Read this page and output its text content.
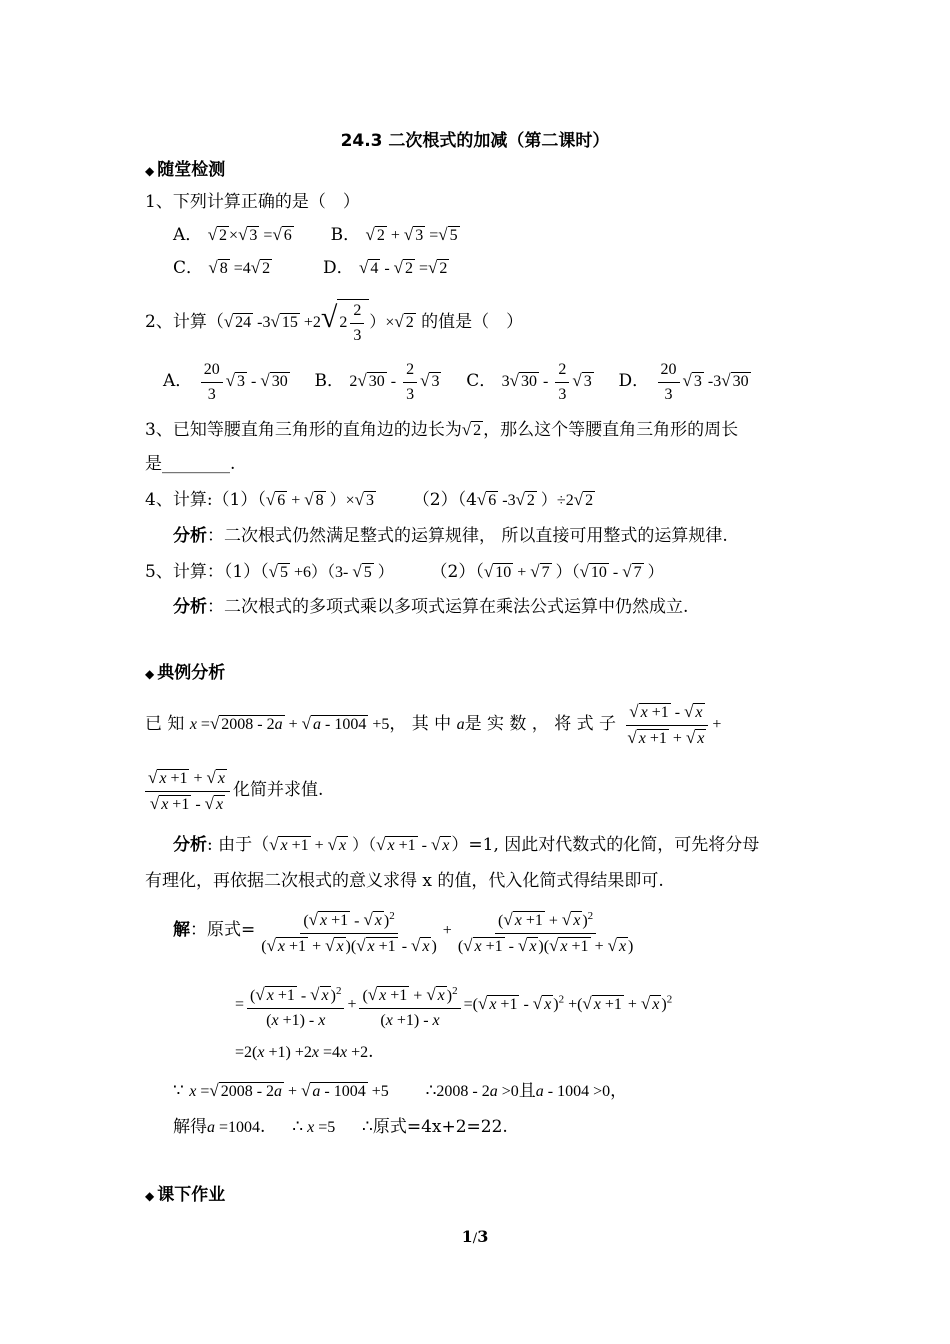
24.3 二次根式的加减（第二课时）
◆ 随堂检测
1、下列计算正确的是（　）
A． √ 2 ×√ 3 =√ 6 B． √ 2 + √ 3 =√ 5
C． √ 8 =4√ 2	D． √ 4 - √ 2 =√ 2
2、计算（√ 24 -3√ 15 +2√ $2 \frac{2}{3}$ ）×√ 2 的值是（　）
A． $\frac{20}{3}$ √ 3 - √ 30 B． 2√ $30 - \frac{2}{3}$ √ 3 C． 3√ $30 - \frac{2}{3}$ √ 3 D． $\frac{20}{3}$ √ 3 -3√ 30
3、已知等腰直角三角形的直角边的边长为√ 2 ，那么这个等腰直角三角形的周长
是________.
4、计算:（1）（√ 6 + √ 8 ）×√ 3 （2）（4√ 6 -3√ 2 ）÷2√ 2
分析：二次根式仍然满足整式的运算规律， 所以直接可用整式的运算规律.
5、计算：（1）（√ 5 +6）（3- √ 5 ） （2）（√ 10 + √ 7 ）（√ 10 - √ 7 ）
分析：二次根式的多项式乘以多项式运算在乘法公式运算中仍然成立.
◆ 典例分析
已 知 x =√ 2008 - 2a + √ a - 1004 +5， 其 中 a是 实 数 ， 将 式 子 $\frac{√ x +1 - √ x}{√ x +1 + √ x}$ +
$\frac{√ x +1 + √ x}{√ x +1 - √ x}$ 化简并求值.
分析: 由于（√ x +1 + √ x ）（√ x +1 - √ x ）=1, 因此对代数式的化简，可先将分母
有理化，再依据二次根式的意义求得 x 的值，代入化简式得结果即可.
解：原式= $\frac{(√ x +1 - √ x )^2}{(√ x +1 + √ x )(√ x +1 - √ x )} + \frac{(√ x +1 + √ x )^2}{(√ x +1 - √ x )(√ x +1 + √ x )}$
= $\frac{(√ x +1 - √ x )^2}{(x +1) - x} + \frac{(√ x +1 + √ x )^2}{(x +1) - x}$ =(√ x +1 - √ x )$^2$ +(√ x +1 + √ x )$^2$
=2(x +1) +2x =4x +2.
∵ x =√ 2008 - 2a + √ a - 1004 +5 ∴2008 - 2a >0且a - 1004 >0，
解得a =1004.  ∴ x =5 ∴原式=4x+2=22.
◆ 课下作业
1/3
